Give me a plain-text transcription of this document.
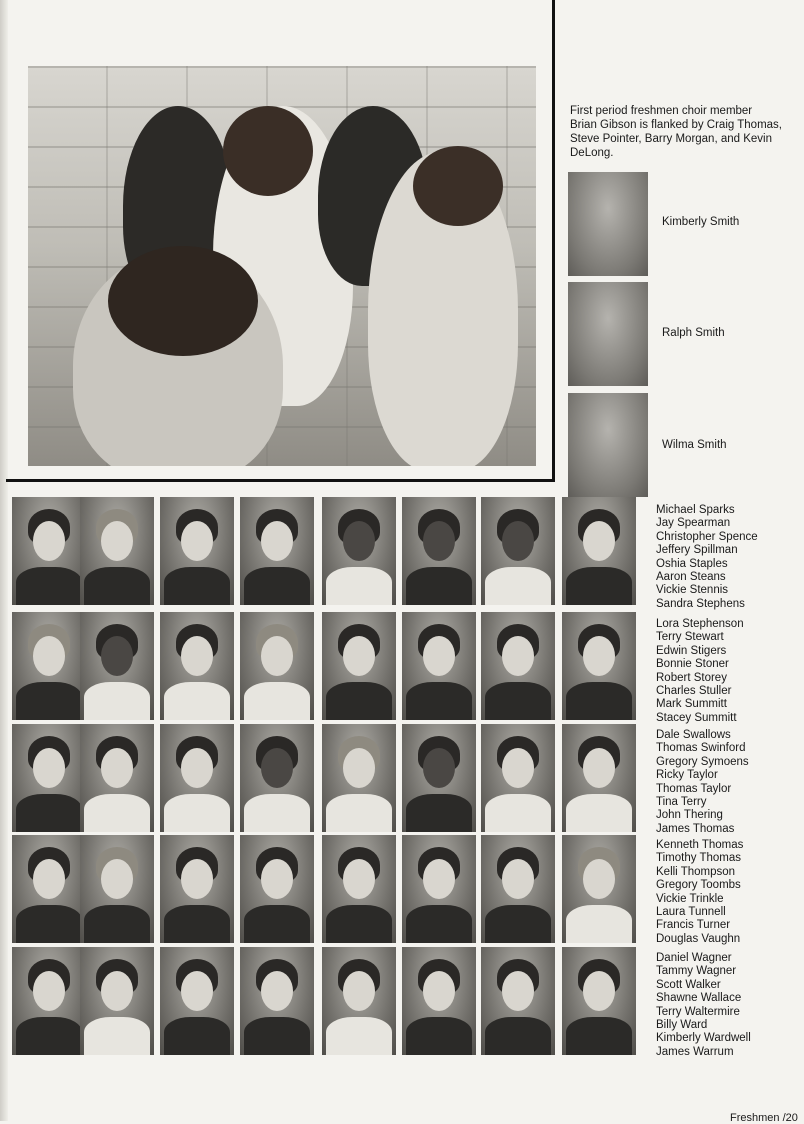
First period freshmen choir member Brian Gibson is flanked by Craig Thomas, Steve Pointer, Barry Morgan, and Kevin DeLong.

Kimberly Smith
Ralph Smith
Wilma Smith
Michael Sparks
Jay Spearman
Christopher Spence
Jeffery Spillman
Oshia Staples
Aaron Steans
Vickie Stennis
Sandra Stephens
Lora Stephenson
Terry Stewart
Edwin Stigers
Bonnie Stoner
Robert Storey
Charles Stuller
Mark Summitt
Stacey Summitt
Dale Swallows
Thomas Swinford
Gregory Symoens
Ricky Taylor
Thomas Taylor
Tina Terry
John Thering
James Thomas
Kenneth Thomas
Timothy Thomas
Kelli Thompson
Gregory Toombs
Vickie Trinkle
Laura Tunnell
Francis Turner
Douglas Vaughn
Daniel Wagner
Tammy Wagner
Scott Walker
Shawne Wallace
Terry Waltermire
Billy Ward
Kimberly Wardwell
James Warrum
Freshmen /20
